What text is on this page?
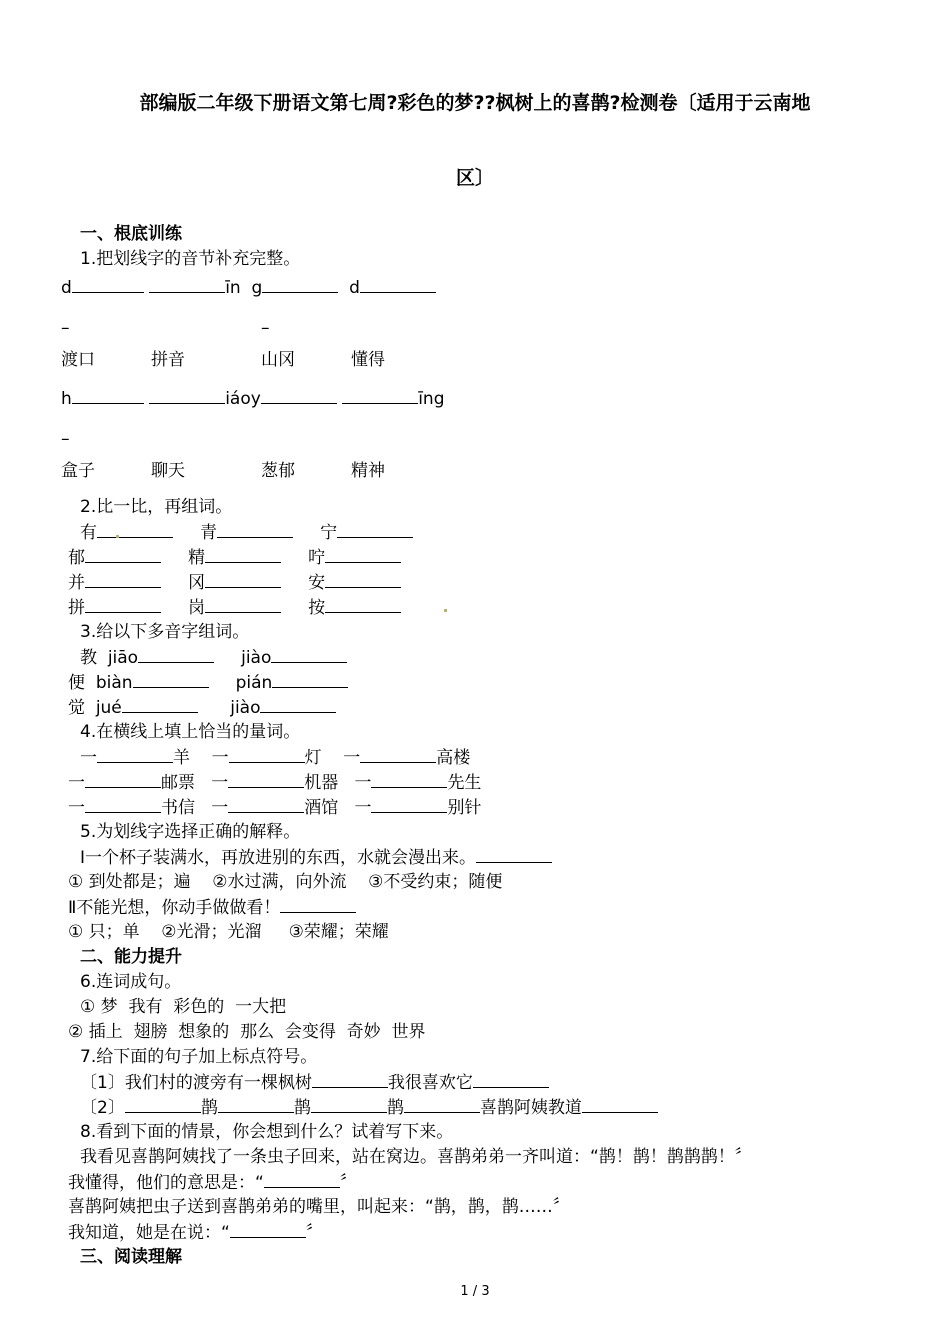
部编版二年级下册语文第七周?彩色的梦??枫树上的喜鹊?检测卷〔适用于云南地
区〕
一、根底训练
1.把划线字的音节补充完整。
d	īn g	d
–	–
渡口	拼音	山冈	懂得
h	iáoy	īng
–
盒子	聊天	葱郁	精神
2.比一比，再组词。
有	青	宁
郁	精	咛
并	冈	安
拼	岗	按
3.给以下多音字组词。
教 jiāo	jiào
便 biàn	pián
觉 jué	jiào
4.在横线上填上恰当的量词。
一	羊 一	灯 一	高楼
一	邮票 一	机器 一	先生
一	书信 一	酒馆 一	别针
5.为划线字选择正确的解释。
Ⅰ一个杯子装满水，再放进别的东西，水就会漫出来。
① 到处都是；遍 ②水过满，向外流 ③不受约束；随便
Ⅱ不能光想，你动手做做看！
① 只；单 ②光滑；光溜 ③荣耀；荣耀
二、能力提升
6.连词成句。
① 梦  我有  彩色的  一大把
② 插上  翅膀  想象的  那么  会变得  奇妙  世界
7.给下面的句子加上标点符号。
〔1〕我们村的渡旁有一棵枫树	我很喜欢它
〔2〕	鹊	鹊	鹊	喜鹊阿姨教道
8.看到下面的情景，你会想到什么？试着写下来。
我看见喜鹊阿姨找了一条虫子回来，站在窝边。喜鹊弟弟一齐叫道：“鹊！鹊！鹊鹊鹊！〞
我懂得，他们的意思是：“	〞
喜鹊阿姨把虫子送到喜鹊弟弟的嘴里，叫起来：“鹊，鹊，鹊……〞
我知道，她是在说：“	〞
三、阅读理解
1 / 3
